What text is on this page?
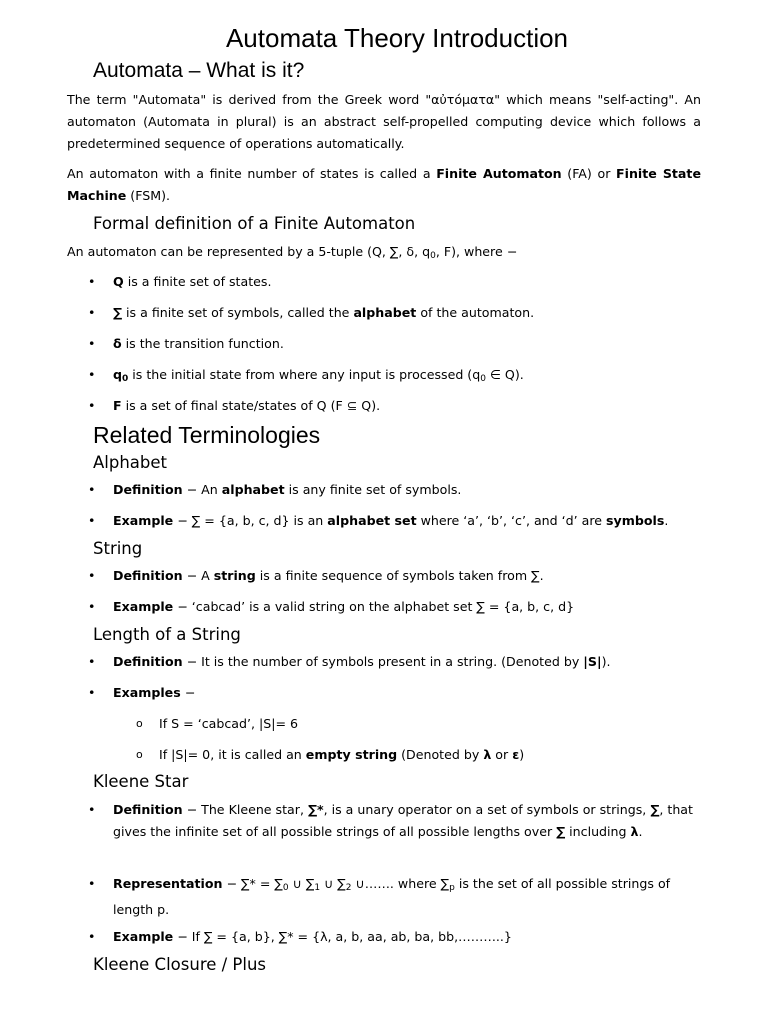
Automata Theory Introduction
Automata – What is it?
The term "Automata" is derived from the Greek word "αὐτόματα" which means "self-acting". An automaton (Automata in plural) is an abstract self-propelled computing device which follows a predetermined sequence of operations automatically.
An automaton with a finite number of states is called a Finite Automaton (FA) or Finite State Machine (FSM).
Formal definition of a Finite Automaton
An automaton can be represented by a 5-tuple (Q, ∑, δ, q0, F), where −
•	Q is a finite set of states.
•	∑ is a finite set of symbols, called the alphabet of the automaton.
•	δ is the transition function.
•	q0 is the initial state from where any input is processed (q0 ∈ Q).
•	F is a set of final state/states of Q (F ⊆ Q).
Related Terminologies
Alphabet
•	Definition − An alphabet is any finite set of symbols.
•	Example − ∑ = {a, b, c, d} is an alphabet set where ‘a’, ‘b’, ‘c’, and ‘d’ are symbols.
String
•	Definition − A string is a finite sequence of symbols taken from ∑.
•	Example − ‘cabcad’ is a valid string on the alphabet set ∑ = {a, b, c, d}
Length of a String
•	Definition − It is the number of symbols present in a string. (Denoted by |S|).
•	Examples −
o If S = ‘cabcad’, |S|= 6
o If |S|= 0, it is called an empty string (Denoted by λ or ε)
Kleene Star
•	Definition − The Kleene star, ∑*, is a unary operator on a set of symbols or strings, ∑, that gives the infinite set of all possible strings of all possible lengths over ∑ including λ.
•	Representation − ∑* = ∑0 ∪ ∑1 ∪ ∑2 ∪……. where ∑p is the set of all possible strings of length p.
•	Example − If ∑ = {a, b}, ∑* = {λ, a, b, aa, ab, ba, bb,………..}
Kleene Closure / Plus
